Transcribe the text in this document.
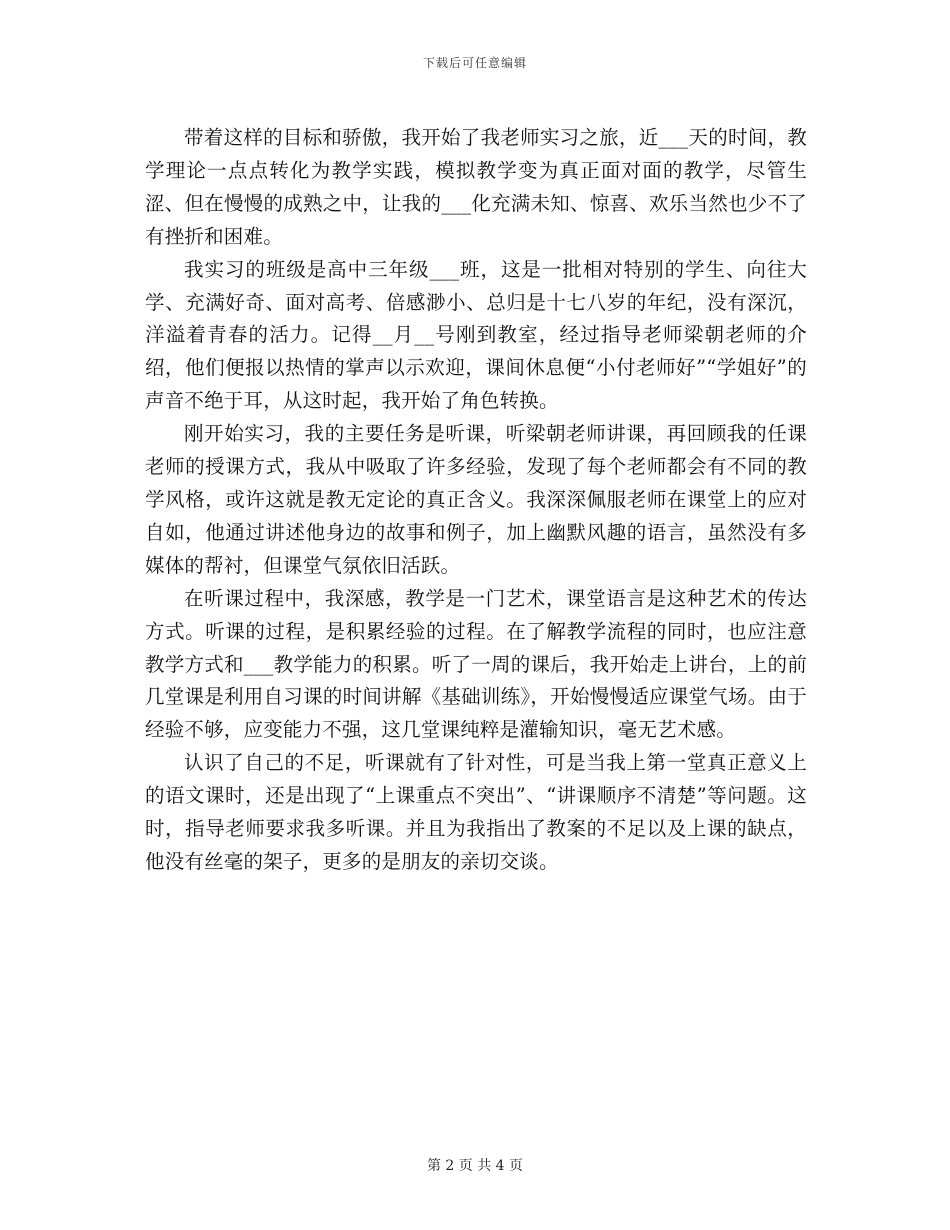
下载后可任意编辑

带着这样的目标和骄傲，我开始了我老师实习之旅，近___天的时间，教学理论一点点转化为教学实践，模拟教学变为真正面对面的教学，尽管生涩、但在慢慢的成熟之中，让我的___化充满未知、惊喜、欢乐当然也少不了有挫折和困难。

我实习的班级是高中三年级___班，这是一批相对特别的学生、向往大学、充满好奇、面对高考、倍感渺小、总归是十七八岁的年纪，没有深沉，洋溢着青春的活力。记得__月__号刚到教室，经过指导老师梁朝老师的介绍，他们便报以热情的掌声以示欢迎，课间休息便“小付老师好”“学姐好”的声音不绝于耳，从这时起，我开始了角色转换。

刚开始实习，我的主要任务是听课，听梁朝老师讲课，再回顾我的任课老师的授课方式，我从中吸取了许多经验，发现了每个老师都会有不同的教学风格，或许这就是教无定论的真正含义。我深深佩服老师在课堂上的应对自如，他通过讲述他身边的故事和例子，加上幽默风趣的语言，虽然没有多媒体的帮衬，但课堂气氛依旧活跃。

在听课过程中，我深感，教学是一门艺术，课堂语言是这种艺术的传达方式。听课的过程，是积累经验的过程。在了解教学流程的同时，也应注意教学方式和___教学能力的积累。听了一周的课后，我开始走上讲台，上的前几堂课是利用自习课的时间讲解《基础训练》，开始慢慢适应课堂气场。由于经验不够，应变能力不强，这几堂课纯粹是灌输知识，毫无艺术感。

认识了自己的不足，听课就有了针对性，可是当我上第一堂真正意义上的语文课时，还是出现了“上课重点不突出”、“讲课顺序不清楚”等问题。这时，指导老师要求我多听课。并且为我指出了教案的不足以及上课的缺点，他没有丝毫的架子，更多的是朋友的亲切交谈。

第 2 页 共 4 页
